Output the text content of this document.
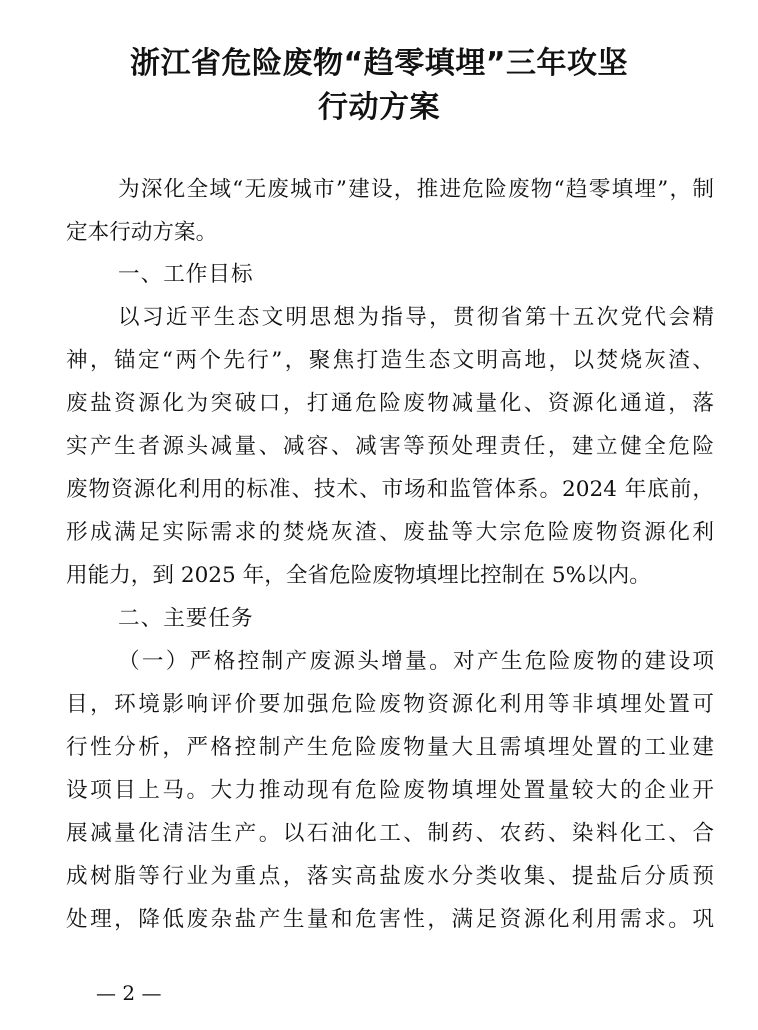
浙江省危险废物“趋零填埋”三年攻坚
行动方案
为深化全域“无废城市”建设，推进危险废物“趋零填埋”，制
定本行动方案。
一、工作目标
以习近平生态文明思想为指导，贯彻省第十五次党代会精
神，锚定“两个先行”，聚焦打造生态文明高地，以焚烧灰渣、
废盐资源化为突破口，打通危险废物减量化、资源化通道，落
实产生者源头减量、减容、减害等预处理责任，建立健全危险
废物资源化利用的标准、技术、市场和监管体系。2024 年底前，
形成满足实际需求的焚烧灰渣、废盐等大宗危险废物资源化利
用能力，到 2025 年，全省危险废物填埋比控制在 5%以内。
二、主要任务
（一）严格控制产废源头增量。对产生危险废物的建设项
目，环境影响评价要加强危险废物资源化利用等非填埋处置可
行性分析，严格控制产生危险废物量大且需填埋处置的工业建
设项目上马。大力推动现有危险废物填埋处置量较大的企业开
展减量化清洁生产。以石油化工、制药、农药、染料化工、合
成树脂等行业为重点，落实高盐废水分类收集、提盐后分质预
处理，降低废杂盐产生量和危害性，满足资源化利用需求。巩
— 2 —
